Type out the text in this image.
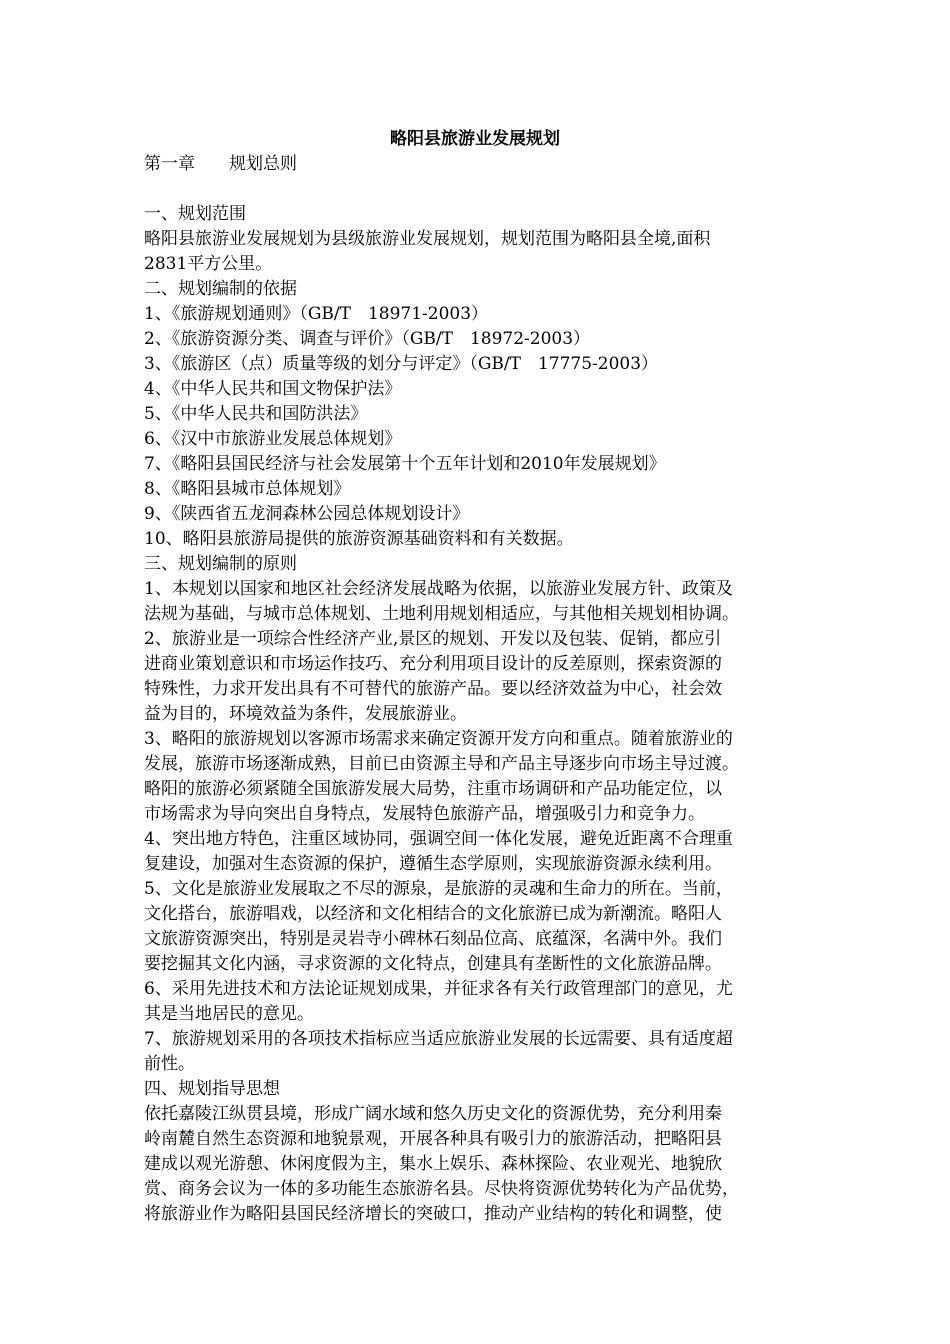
略阳县旅游业发展规划
第一章　　规划总则
一、规划范围
略阳县旅游业发展规划为县级旅游业发展规划，规划范围为略阳县全境,面积
2831平方公里。
二、规划编制的依据
1、《旅游规划通则》（GB/T　18971-2003）
2、《旅游资源分类、调查与评价》（GB/T　18972-2003）
3、《旅游区（点）质量等级的划分与评定》（GB/T　17775-2003）
4、《中华人民共和国文物保护法》
5、《中华人民共和国防洪法》
6、《汉中市旅游业发展总体规划》
7、《略阳县国民经济与社会发展第十个五年计划和2010年发展规划》
8、《略阳县城市总体规划》
9、《陕西省五龙洞森林公园总体规划设计》
10、略阳县旅游局提供的旅游资源基础资料和有关数据。
三、规划编制的原则
1、本规划以国家和地区社会经济发展战略为依据，以旅游业发展方针、政策及
法规为基础，与城市总体规划、土地利用规划相适应，与其他相关规划相协调。
2、旅游业是一项综合性经济产业,景区的规划、开发以及包装、促销，都应引
进商业策划意识和市场运作技巧、充分利用项目设计的反差原则，探索资源的
特殊性，力求开发出具有不可替代的旅游产品。要以经济效益为中心，社会效
益为目的，环境效益为条件，发展旅游业。
3、略阳的旅游规划以客源市场需求来确定资源开发方向和重点。随着旅游业的
发展，旅游市场逐渐成熟，目前已由资源主导和产品主导逐步向市场主导过渡。
略阳的旅游必须紧随全国旅游发展大局势，注重市场调研和产品功能定位，以
市场需求为导向突出自身特点，发展特色旅游产品，增强吸引力和竞争力。
4、突出地方特色，注重区域协同，强调空间一体化发展，避免近距离不合理重
复建设，加强对生态资源的保护，遵循生态学原则，实现旅游资源永续利用。
5、文化是旅游业发展取之不尽的源泉，是旅游的灵魂和生命力的所在。当前，
文化搭台，旅游唱戏，以经济和文化相结合的文化旅游已成为新潮流。略阳人
文旅游资源突出，特别是灵岩寺小碑林石刻品位高、底蕴深，名满中外。我们
要挖掘其文化内涵，寻求资源的文化特点，创建具有垄断性的文化旅游品牌。
6、采用先进技术和方法论证规划成果，并征求各有关行政管理部门的意见，尤
其是当地居民的意见。
7、旅游规划采用的各项技术指标应当适应旅游业发展的长远需要、具有适度超
前性。
四、规划指导思想
依托嘉陵江纵贯县境，形成广阔水域和悠久历史文化的资源优势，充分利用秦
岭南麓自然生态资源和地貌景观，开展各种具有吸引力的旅游活动，把略阳县
建成以观光游憩、休闲度假为主，集水上娱乐、森林探险、农业观光、地貌欣
赏、商务会议为一体的多功能生态旅游名县。尽快将资源优势转化为产品优势，
将旅游业作为略阳县国民经济增长的突破口，推动产业结构的转化和调整，使
